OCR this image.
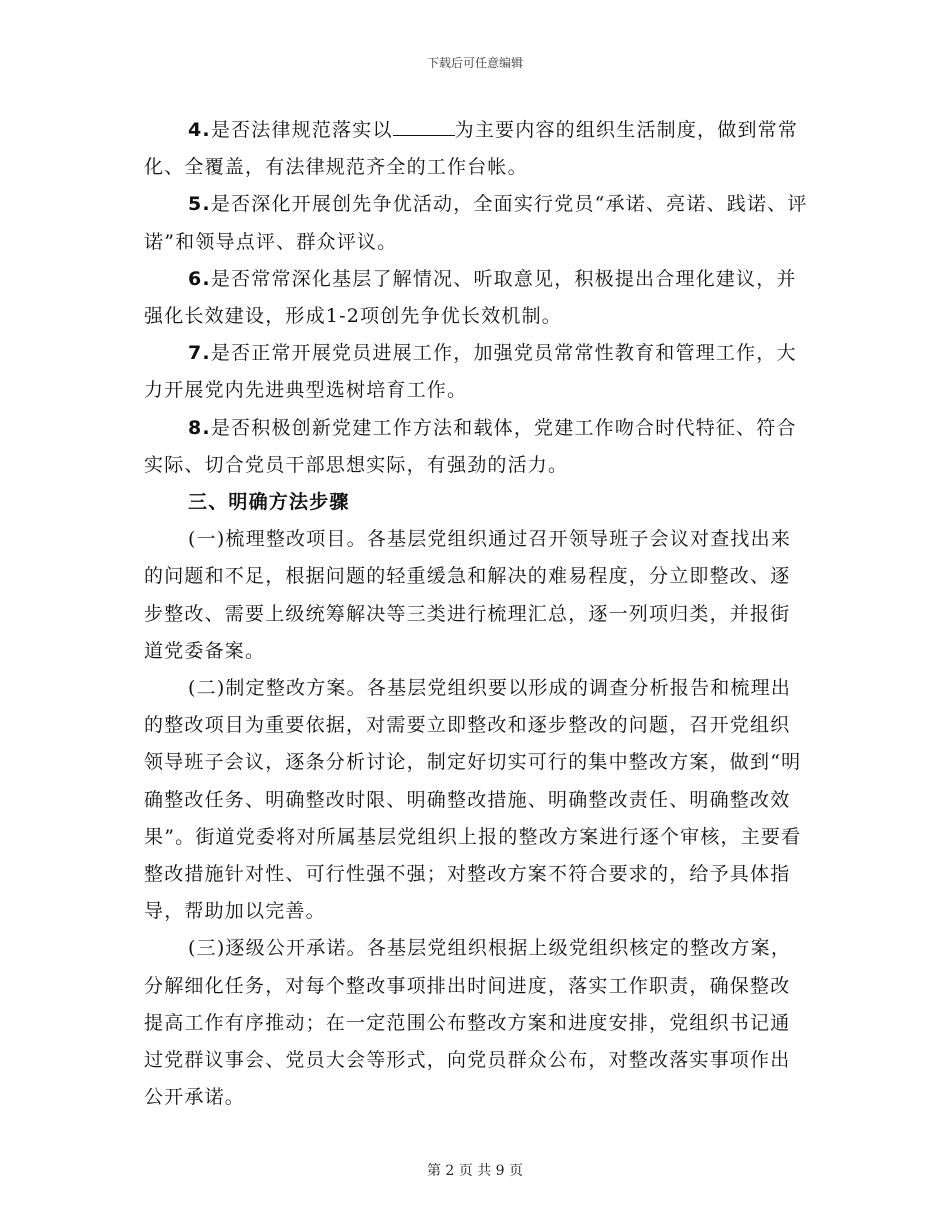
下载后可任意编辑

4.是否法律规范落实以	为主要内容的组织生活制度，做到常常化、全覆盖，有法律规范齐全的工作台帐。

5.是否深化开展创先争优活动，全面实行党员“承诺、亮诺、践诺、评诺”和领导点评、群众评议。

6.是否常常深化基层了解情况、听取意见，积极提出合理化建议，并强化长效建设，形成1-2项创先争优长效机制。

7.是否正常开展党员进展工作，加强党员常常性教育和管理工作，大力开展党内先进典型选树培育工作。

8.是否积极创新党建工作方法和载体，党建工作吻合时代特征、符合实际、切合党员干部思想实际，有强劲的活力。

三、明确方法步骤

(一)梳理整改项目。各基层党组织通过召开领导班子会议对查找出来的问题和不足，根据问题的轻重缓急和解决的难易程度，分立即整改、逐步整改、需要上级统筹解决等三类进行梳理汇总，逐一列项归类，并报街道党委备案。

(二)制定整改方案。各基层党组织要以形成的调查分析报告和梳理出的整改项目为重要依据，对需要立即整改和逐步整改的问题，召开党组织领导班子会议，逐条分析讨论，制定好切实可行的集中整改方案，做到“明确整改任务、明确整改时限、明确整改措施、明确整改责任、明确整改效果”。街道党委将对所属基层党组织上报的整改方案进行逐个审核，主要看整改措施针对性、可行性强不强；对整改方案不符合要求的，给予具体指导，帮助加以完善。

(三)逐级公开承诺。各基层党组织根据上级党组织核定的整改方案，分解细化任务，对每个整改事项排出时间进度，落实工作职责，确保整改提高工作有序推动；在一定范围公布整改方案和进度安排，党组织书记通过党群议事会、党员大会等形式，向党员群众公布，对整改落实事项作出公开承诺。

第 2 页 共 9 页
